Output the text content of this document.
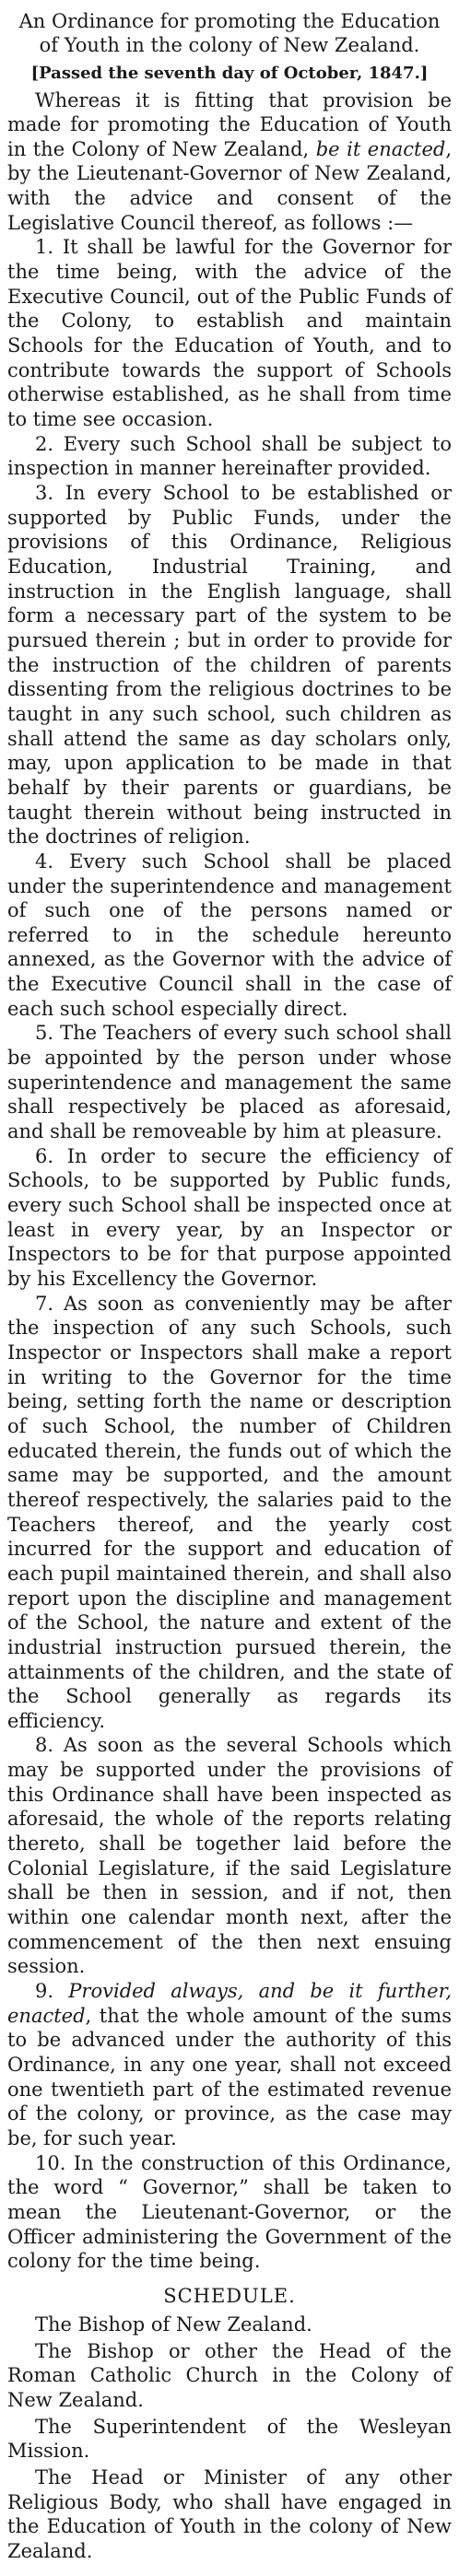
An Ordinance for promoting the Education of Youth in the colony of New Zealand.
[Passed the seventh day of October, 1847.]

Whereas it is fitting that provision be made for promoting the Education of Youth in the Colony of New Zealand, be it enacted, by the Lieutenant-Governor of New Zealand, with the advice and consent of the Legislative Council thereof, as follows :—

1. It shall be lawful for the Governor for the time being, with the advice of the Executive Council, out of the Public Funds of the Colony, to establish and maintain Schools for the Education of Youth, and to contribute towards the support of Schools otherwise established, as he shall from time to time see occasion.

2. Every such School shall be subject to inspection in manner hereinafter provided.

3. In every School to be established or supported by Public Funds, under the provisions of this Ordinance, Religious Education, Industrial Training, and instruction in the English language, shall form a necessary part of the system to be pursued therein ; but in order to provide for the instruction of the children of parents dissenting from the religious doctrines to be taught in any such school, such children as shall attend the same as day scholars only, may, upon application to be made in that behalf by their parents or guardians, be taught therein without being instructed in the doctrines of religion.

4. Every such School shall be placed under the superintendence and management of such one of the persons named or referred to in the schedule hereunto annexed, as the Governor with the advice of the Executive Council shall in the case of each such school especially direct.

5. The Teachers of every such school shall be appointed by the person under whose superintendence and management the same shall respectively be placed as aforesaid, and shall be removeable by him at pleasure.

6. In order to secure the efficiency of Schools, to be supported by Public funds, every such School shall be inspected once at least in every year, by an Inspector or Inspectors to be for that purpose appointed by his Excellency the Governor.

7. As soon as conveniently may be after the inspection of any such Schools, such Inspector or Inspectors shall make a report in writing to the Governor for the time being, setting forth the name or description of such School, the number of Children educated therein, the funds out of which the same may be supported, and the amount thereof respectively, the salaries paid to the Teachers thereof, and the yearly cost incurred for the support and education of each pupil maintained therein, and shall also report upon the discipline and management of the School, the nature and extent of the industrial instruction pursued therein, the attainments of the children, and the state of the School generally as regards its efficiency.

8. As soon as the several Schools which may be supported under the provisions of this Ordinance shall have been inspected as aforesaid, the whole of the reports relating thereto, shall be together laid before the Colonial Legislature, if the said Legislature shall be then in session, and if not, then within one calendar month next, after the commencement of the then next ensuing session.

9. Provided always, and be it further, enacted, that the whole amount of the sums to be advanced under the authority of this Ordinance, in any one year, shall not exceed one twentieth part of the estimated revenue of the colony, or province, as the case may be, for such year.

10. In the construction of this Ordinance, the word “ Governor,” shall be taken to mean the Lieutenant-Governor, or the Officer administering the Government of the colony for the time being.

SCHEDULE.

The Bishop of New Zealand.

The Bishop or other the Head of the Roman Catholic Church in the Colony of New Zealand.

The Superintendent of the Wesleyan Mission.

The Head or Minister of any other Religious Body, who shall have engaged in the Education of Youth in the colony of New Zealand.
